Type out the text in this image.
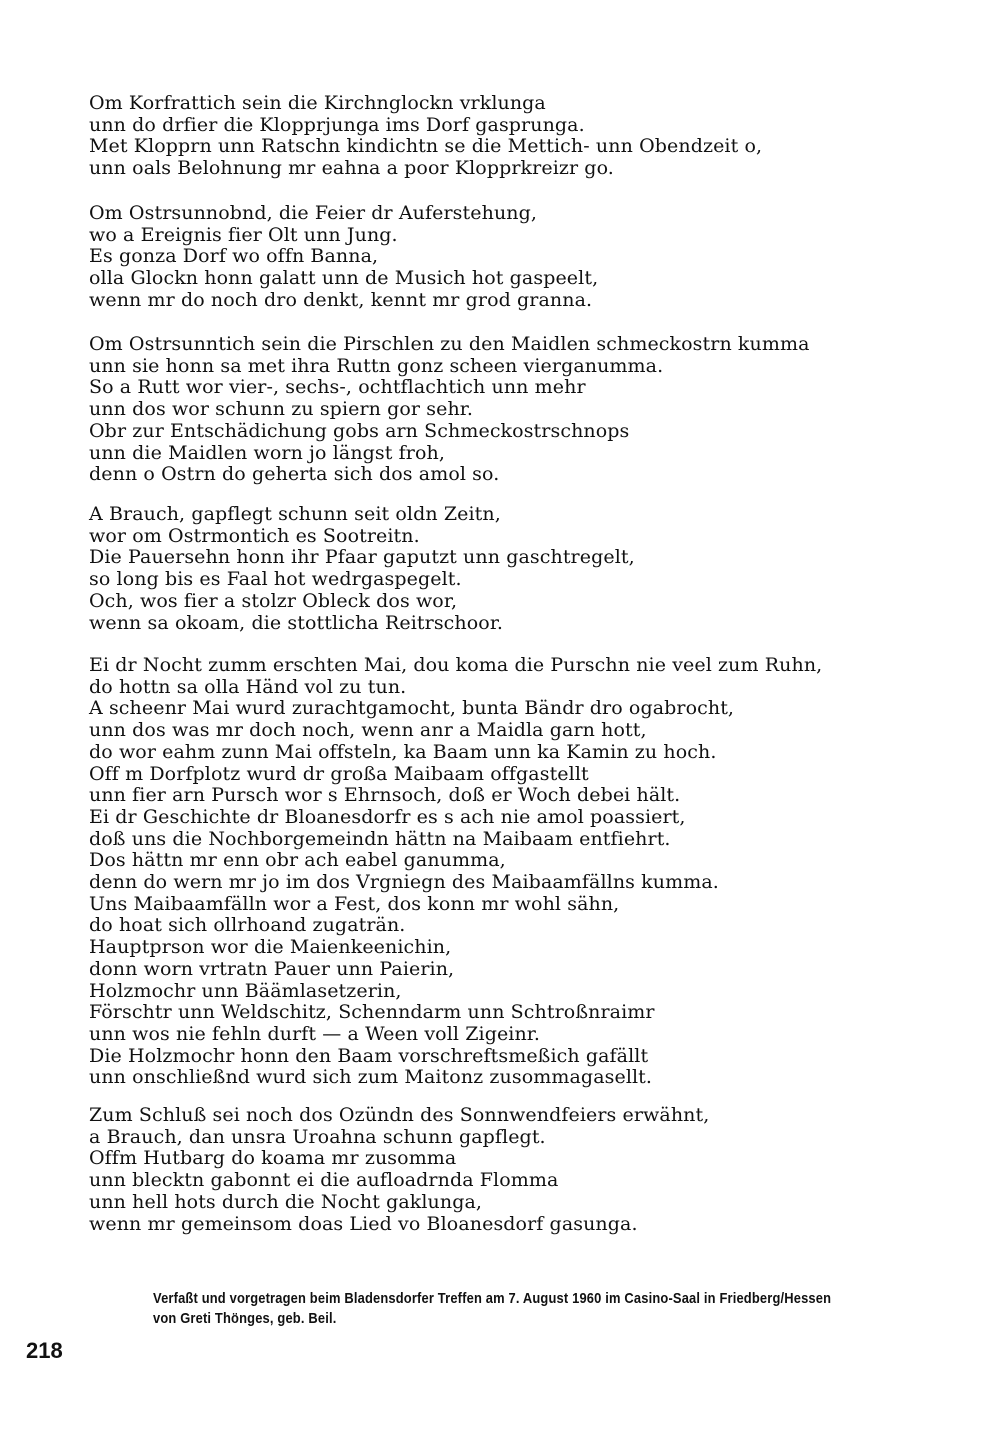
Om Korfrattich sein die Kirchnglockn vrklunga
unn do drfier die Klopprjunga ims Dorf gasprunga.
Met Klopprn unn Ratschn kindichtn se die Mettich- unn Obendzeit o,
unn oals Belohnung mr eahna a poor Klopprkreizr go.
Om Ostrsunnobnd, die Feier dr Auferstehung,
wo a Ereignis fier Olt unn Jung.
Es gonza Dorf wo offn Banna,
olla Glockn honn galatt unn de Musich hot gaspeelt,
wenn mr do noch dro denkt, kennt mr grod granna.
Om Ostrsunntich sein die Pirschlen zu den Maidlen schmeckostrn kumma
unn sie honn sa met ihra Ruttn gonz scheen vierganumma.
So a Rutt wor vier-, sechs-, ochtflachtich unn mehr
unn dos wor schunn zu spiern gor sehr.
Obr zur Entschädichung gobs arn Schmeckostrschnops
unn die Maidlen worn jo längst froh,
denn o Ostrn do geherta sich dos amol so.
A Brauch, gapflegt schunn seit oldn Zeitn,
wor om Ostrmontich es Sootreitn.
Die Pauersehn honn ihr Pfaar gaputzt unn gaschtregelt,
so long bis es Faal hot wedrgaspegelt.
Och, wos fier a stolzr Obleck dos wor,
wenn sa okoam, die stottlicha Reitrschoor.
Ei dr Nocht zumm erschten Mai, dou koma die Purschn nie veel zum Ruhn,
do hottn sa olla Händ vol zu tun.
A scheenr Mai wurd zurachtgamocht, bunta Bändr dro ogabrocht,
unn dos was mr doch noch, wenn anr a Maidla garn hott,
do wor eahm zunn Mai offsteln, ka Baam unn ka Kamin zu hoch.
Off m Dorfplotz wurd dr großa Maibaam offgastellt
unn fier arn Pursch wor s Ehrnsoch, doß er Woch debei hält.
Ei dr Geschichte dr Bloanesdorfr es s ach nie amol poassiert,
doß uns die Nochborgemeindn hättn na Maibaam entfiehrt.
Dos hättn mr enn obr ach eabel ganumma,
denn do wern mr jo im dos Vrgniegn des Maibaamfällns kumma.
Uns Maibaamfälln wor a Fest, dos konn mr wohl sähn,
do hoat sich ollrhoand zugaträn.
Hauptprson wor die Maienkeenichin,
donn worn vrtratn Pauer unn Paierin,
Holzmochr unn Bäämlasetzerin,
Förschtr unn Weldschitz, Schenndarm unn Schtroßnraimr
unn wos nie fehln durft — a Ween voll Zigeinr.
Die Holzmochr honn den Baam vorschreftsmeßich gafällt
unn onschließnd wurd sich zum Maitonz zusommagasellt.
Zum Schluß sei noch dos Ozündn des Sonnwendfeiers erwähnt,
a Brauch, dan unsra Uroahna schunn gapflegt.
Offm Hutbarg do koama mr zusomma
unn blecktn gabonnt ei die aufloadrnda Flomma
unn hell hots durch die Nocht gaklunga,
wenn mr gemeinsom doas Lied vo Bloanesdorf gasunga.
Verfaßt und vorgetragen beim Bladensdorfer Treffen am 7. August 1960 im Casino-Saal in Friedberg/Hessen von Greti Thönges, geb. Beil.
218
